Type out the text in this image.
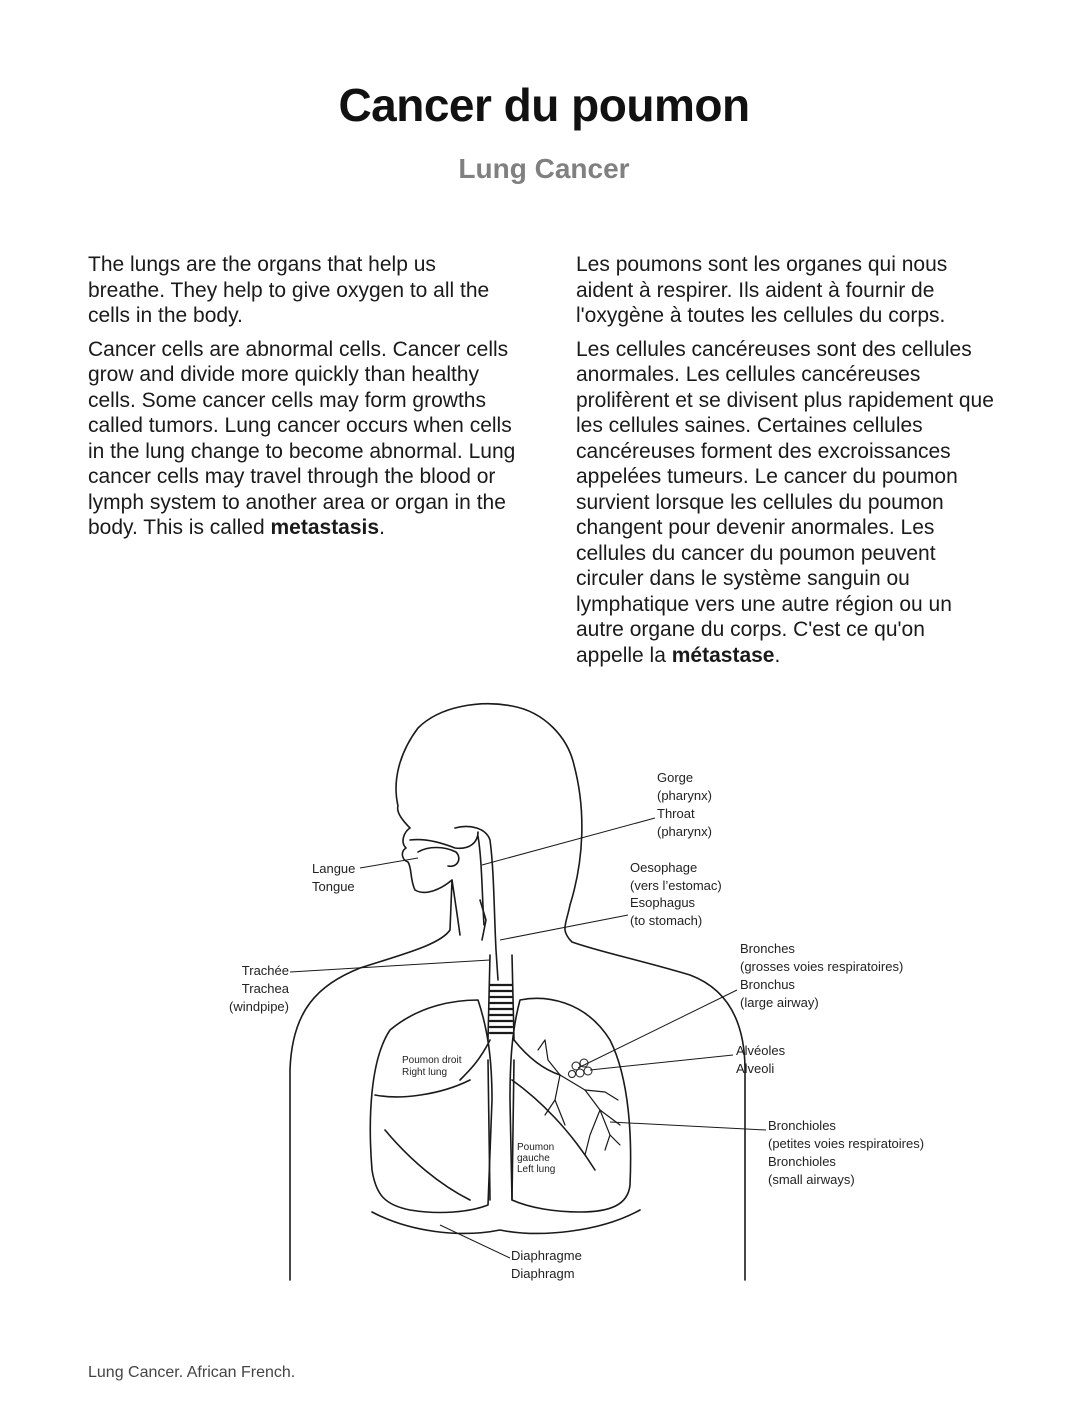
Cancer du poumon
Lung Cancer

The lungs are the organs that help us breathe. They help to give oxygen to all the cells in the body.

Cancer cells are abnormal cells. Cancer cells grow and divide more quickly than healthy cells. Some cancer cells may form growths called tumors. Lung cancer occurs when cells in the lung change to become abnormal. Lung cancer cells may travel through the blood or lymph system to another area or organ in the body. This is called metastasis.

Les poumons sont les organes qui nous aident à respirer. Ils aident à fournir de l'oxygène à toutes les cellules du corps.

Les cellules cancéreuses sont des cellules anormales. Les cellules cancéreuses prolifèrent et se divisent plus rapidement que les cellules saines. Certaines cellules cancéreuses forment des excroissances appelées tumeurs. Le cancer du poumon survient lorsque les cellules du poumon changent pour devenir anormales. Les cellules du cancer du poumon peuvent circuler dans le système sanguin ou lymphatique vers une autre région ou un autre organe du corps. C'est ce qu'on appelle la métastase.

Gorge
(pharynx)
Throat
(pharynx)
Langue
Tongue
Oesophage
(vers l’estomac)
Esophagus
(to stomach)
Trachée
Trachea
(windpipe)
Bronches
(grosses voies respiratoires)
Bronchus
(large airway)
Poumon droit
Right lung
Alvéoles
Alveoli
Poumon
gauche
Left lung
Bronchioles
(petites voies respiratoires)
Bronchioles
(small airways)
Diaphragme
Diaphragm
Lung Cancer. African French.
